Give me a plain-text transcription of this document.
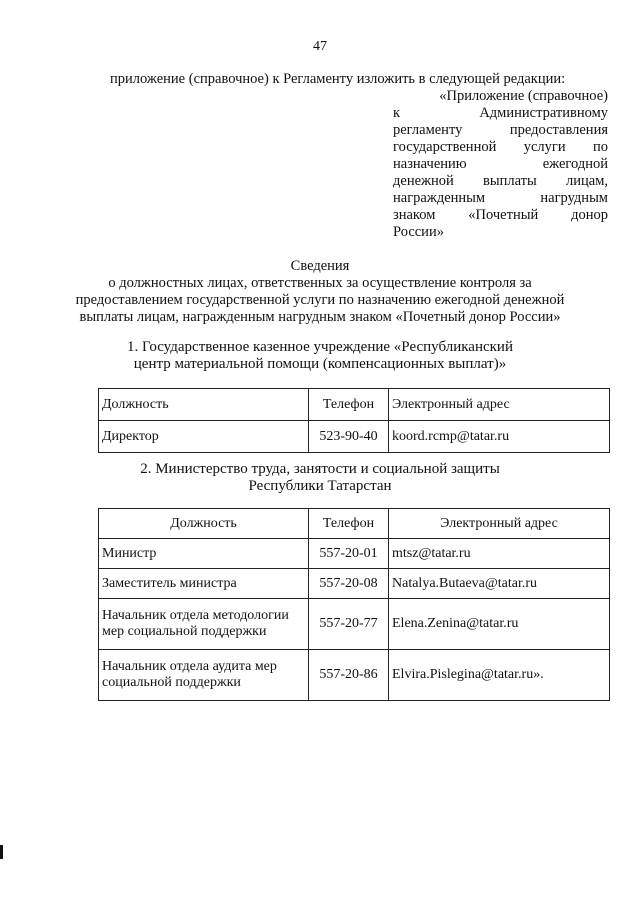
47
приложение (справочное) к Регламенту изложить в следующей редакции:
«Приложение (справочное)
к Административному
регламенту предоставления
государственной услуги по
назначению ежегодной
денежной выплаты лицам,
награжденным нагрудным
знаком «Почетный донор
России»
Сведения
о должностных лицах, ответственных за осуществление контроля за
предоставлением государственной услуги по назначению ежегодной денежной
выплаты лицам, награжденным нагрудным знаком «Почетный донор России»
1. Государственное казенное учреждение «Республиканский
центр материальной помощи (компенсационных выплат)»
Должность	Телефон	Электронный адрес
Директор	523-90-40	koord.rcmp@tatar.ru
2. Министерство труда, занятости и социальной защиты
Республики Татарстан
Должность	Телефон	Электронный адрес
Министр	557-20-01	mtsz@tatar.ru
Заместитель министра	557-20-08	Natalya.Butaeva@tatar.ru
Начальник отдела методологии мер социальной поддержки	557-20-77	Elena.Zenina@tatar.ru
Начальник отдела аудита мер социальной поддержки	557-20-86	Elvira.Pislegina@tatar.ru».
